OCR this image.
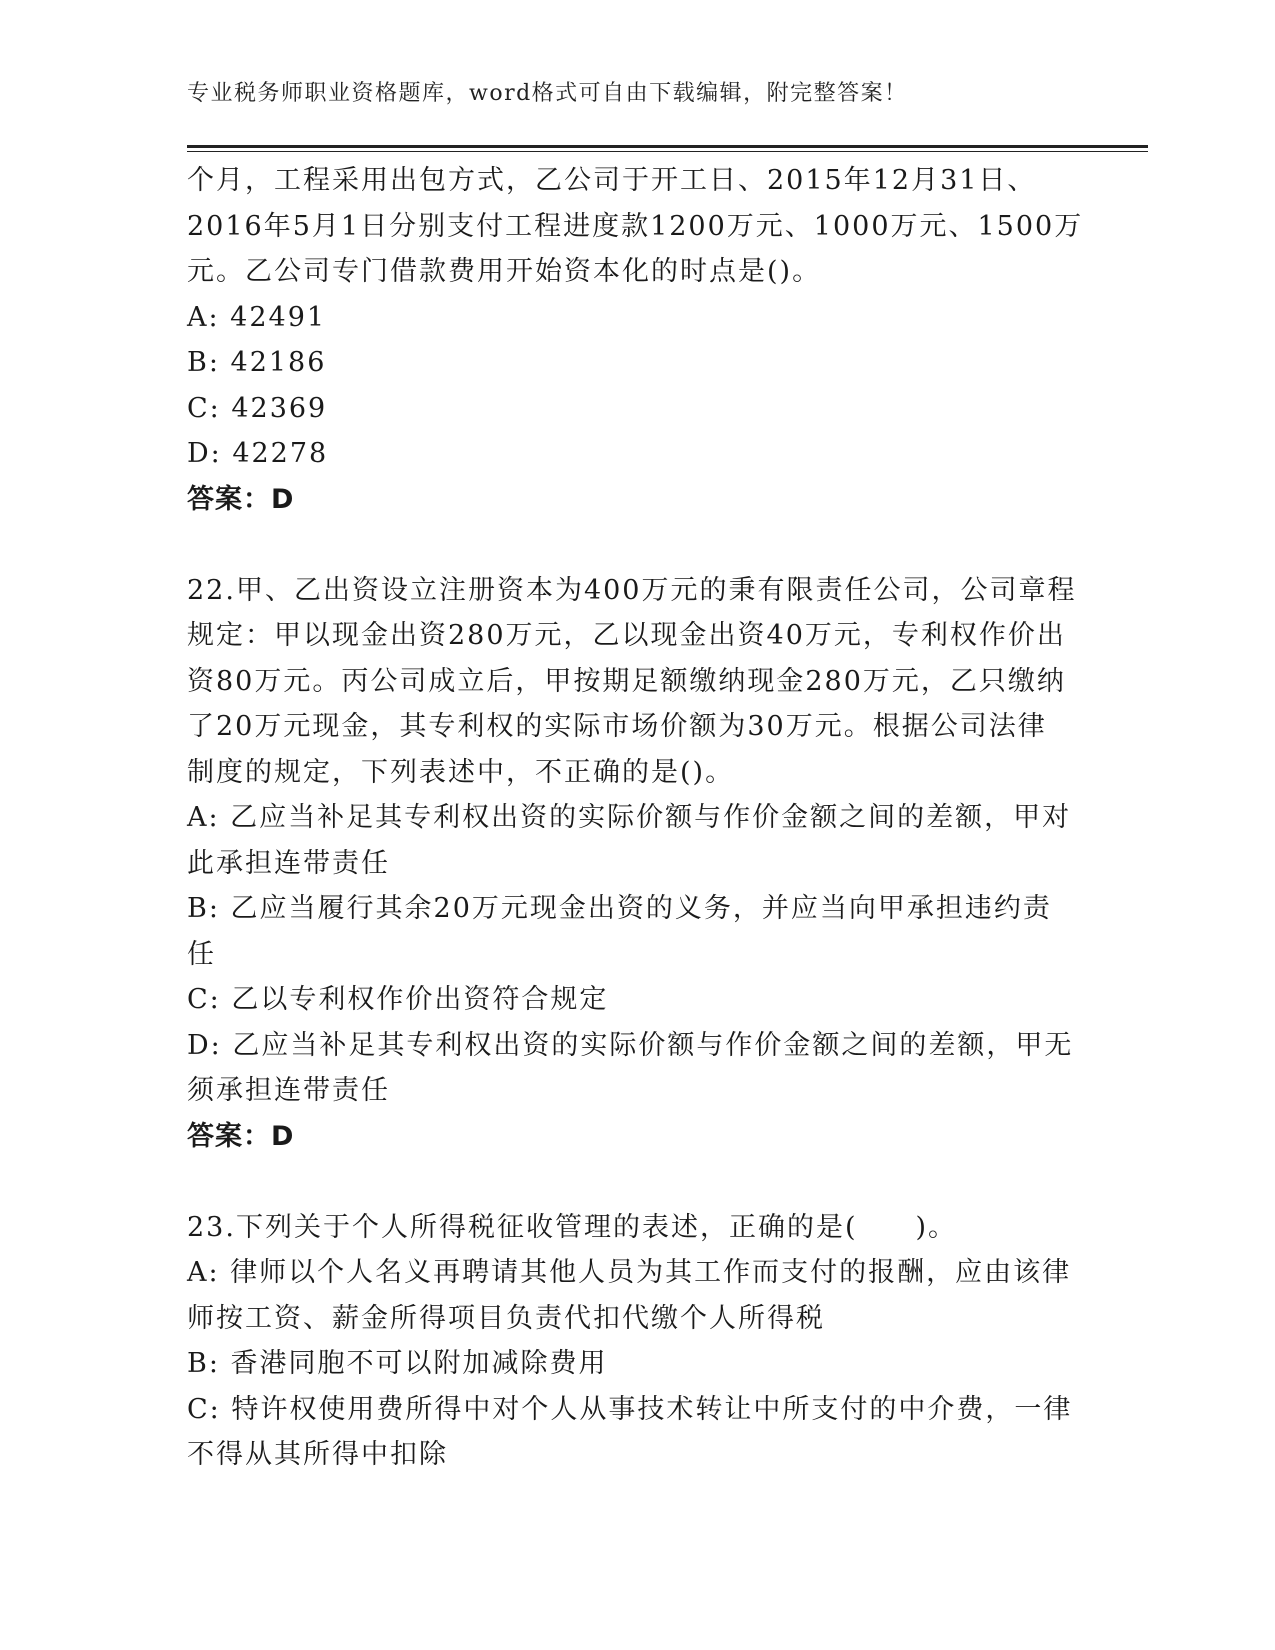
专业税务师职业资格题库，word格式可自由下载编辑，附完整答案！
个月，工程采用出包方式，乙公司于开工日、2015年12月31日、
2016年5月1日分别支付工程进度款1200万元、1000万元、1500万
元。乙公司专门借款费用开始资本化的时点是()。
A: 42491
B: 42186
C: 42369
D: 42278
答案：D
22.甲、乙出资设立注册资本为400万元的秉有限责任公司，公司章程
规定：甲以现金出资280万元，乙以现金出资40万元，专利权作价出
资80万元。丙公司成立后，甲按期足额缴纳现金280万元，乙只缴纳
了20万元现金，其专利权的实际市场价额为30万元。根据公司法律
制度的规定，下列表述中，不正确的是()。
A: 乙应当补足其专利权出资的实际价额与作价金额之间的差额，甲对
此承担连带责任
B: 乙应当履行其余20万元现金出资的义务，并应当向甲承担违约责
任
C: 乙以专利权作价出资符合规定
D: 乙应当补足其专利权出资的实际价额与作价金额之间的差额，甲无
须承担连带责任
答案：D
23.下列关于个人所得税征收管理的表述，正确的是(　　)。
A: 律师以个人名义再聘请其他人员为其工作而支付的报酬，应由该律
师按工资、薪金所得项目负责代扣代缴个人所得税
B: 香港同胞不可以附加减除费用
C: 特许权使用费所得中对个人从事技术转让中所支付的中介费，一律
不得从其所得中扣除
